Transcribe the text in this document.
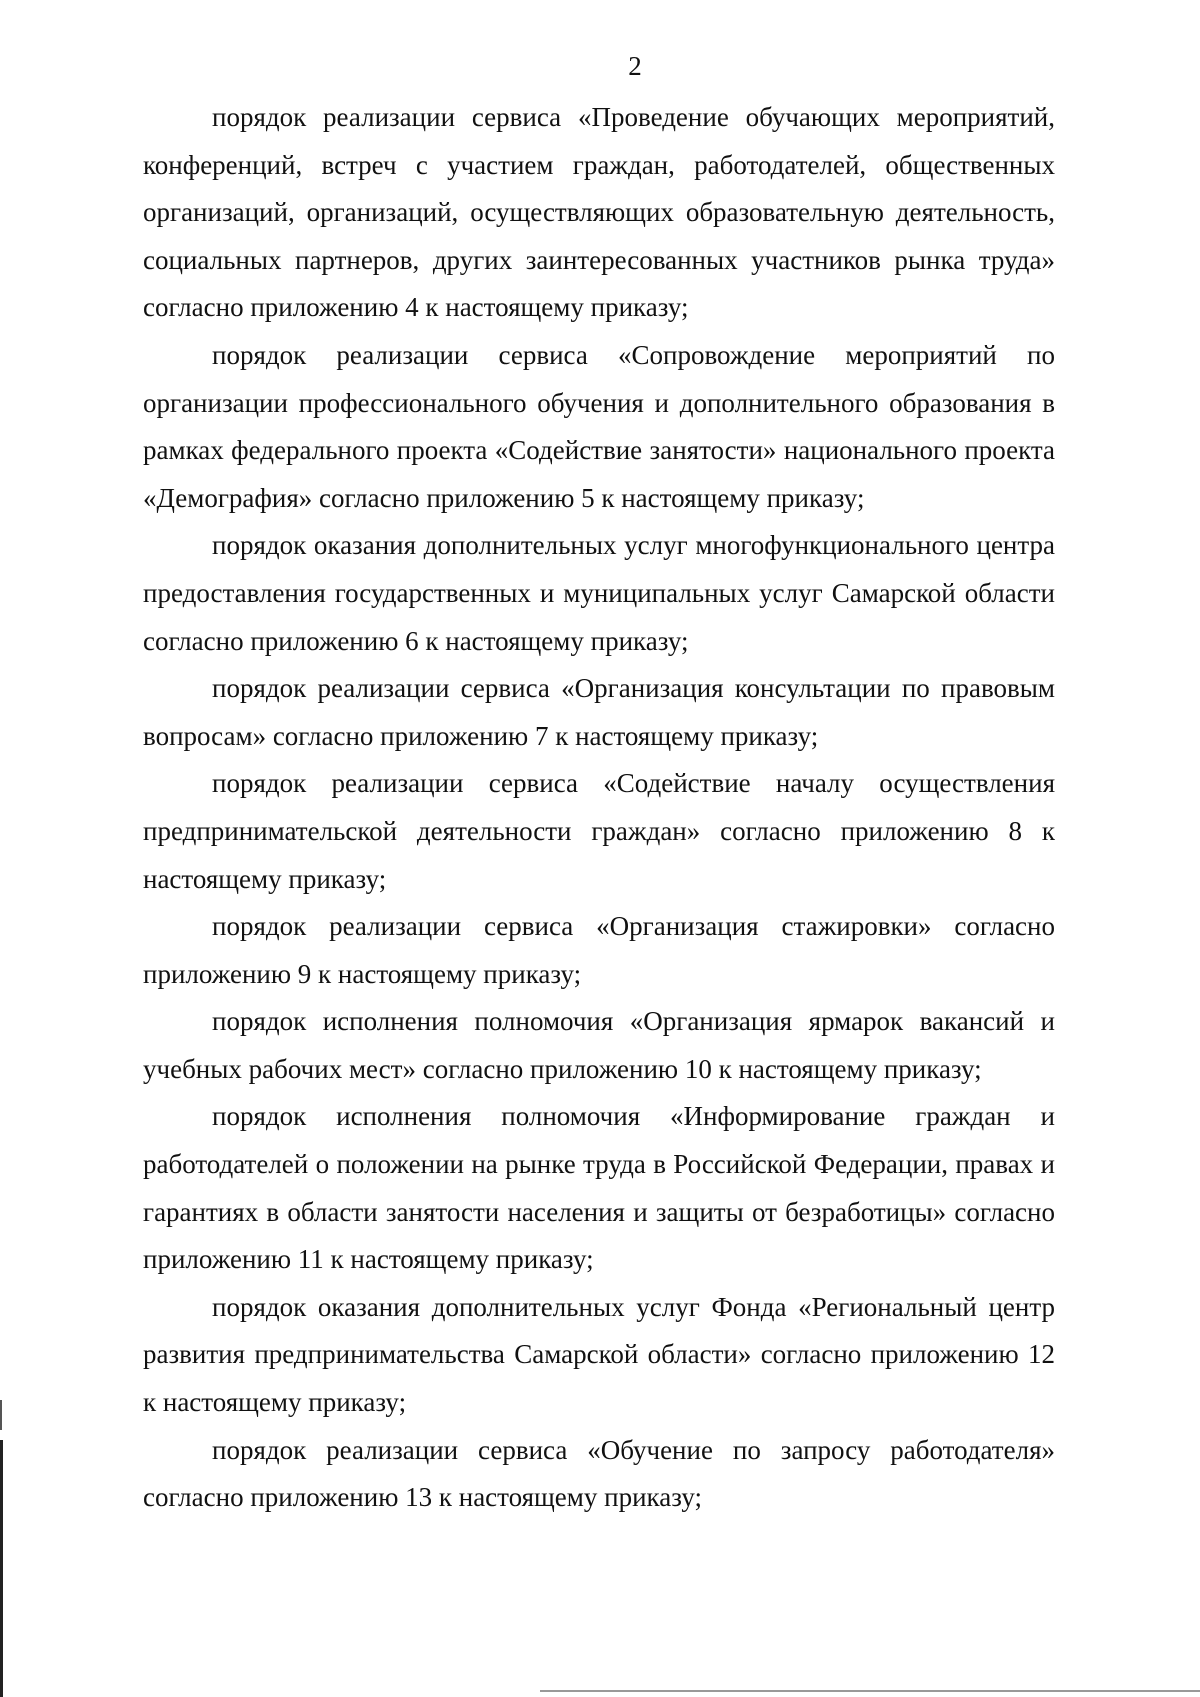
2

порядок реализации сервиса «Проведение обучающих мероприятий, конференций, встреч с участием граждан, работодателей, общественных организаций, организаций, осуществляющих образовательную деятельность, социальных партнеров, других заинтересованных участников рынка труда» согласно приложению 4 к настоящему приказу;

порядок реализации сервиса «Сопровождение мероприятий по организации профессионального обучения и дополнительного образования в рамках федерального проекта «Содействие занятости» национального проекта «Демография» согласно приложению 5 к настоящему приказу;

порядок оказания дополнительных услуг многофункционального центра предоставления государственных и муниципальных услуг Самарской области согласно приложению 6 к настоящему приказу;

порядок реализации сервиса «Организация консультации по правовым вопросам» согласно приложению 7 к настоящему приказу;

порядок реализации сервиса «Содействие началу осуществления предпринимательской деятельности граждан» согласно приложению 8 к настоящему приказу;

порядок реализации сервиса «Организация стажировки» согласно приложению 9 к настоящему приказу;

порядок исполнения полномочия «Организация ярмарок вакансий и учебных рабочих мест» согласно приложению 10 к настоящему приказу;

порядок исполнения полномочия «Информирование граждан и работодателей о положении на рынке труда в Российской Федерации, правах и гарантиях в области занятости населения и защиты от безработицы» согласно приложению 11 к настоящему приказу;

порядок оказания дополнительных услуг Фонда «Региональный центр развития предпринимательства Самарской области» согласно приложению 12 к настоящему приказу;

порядок реализации сервиса «Обучение по запросу работодателя» согласно приложению 13 к настоящему приказу;
